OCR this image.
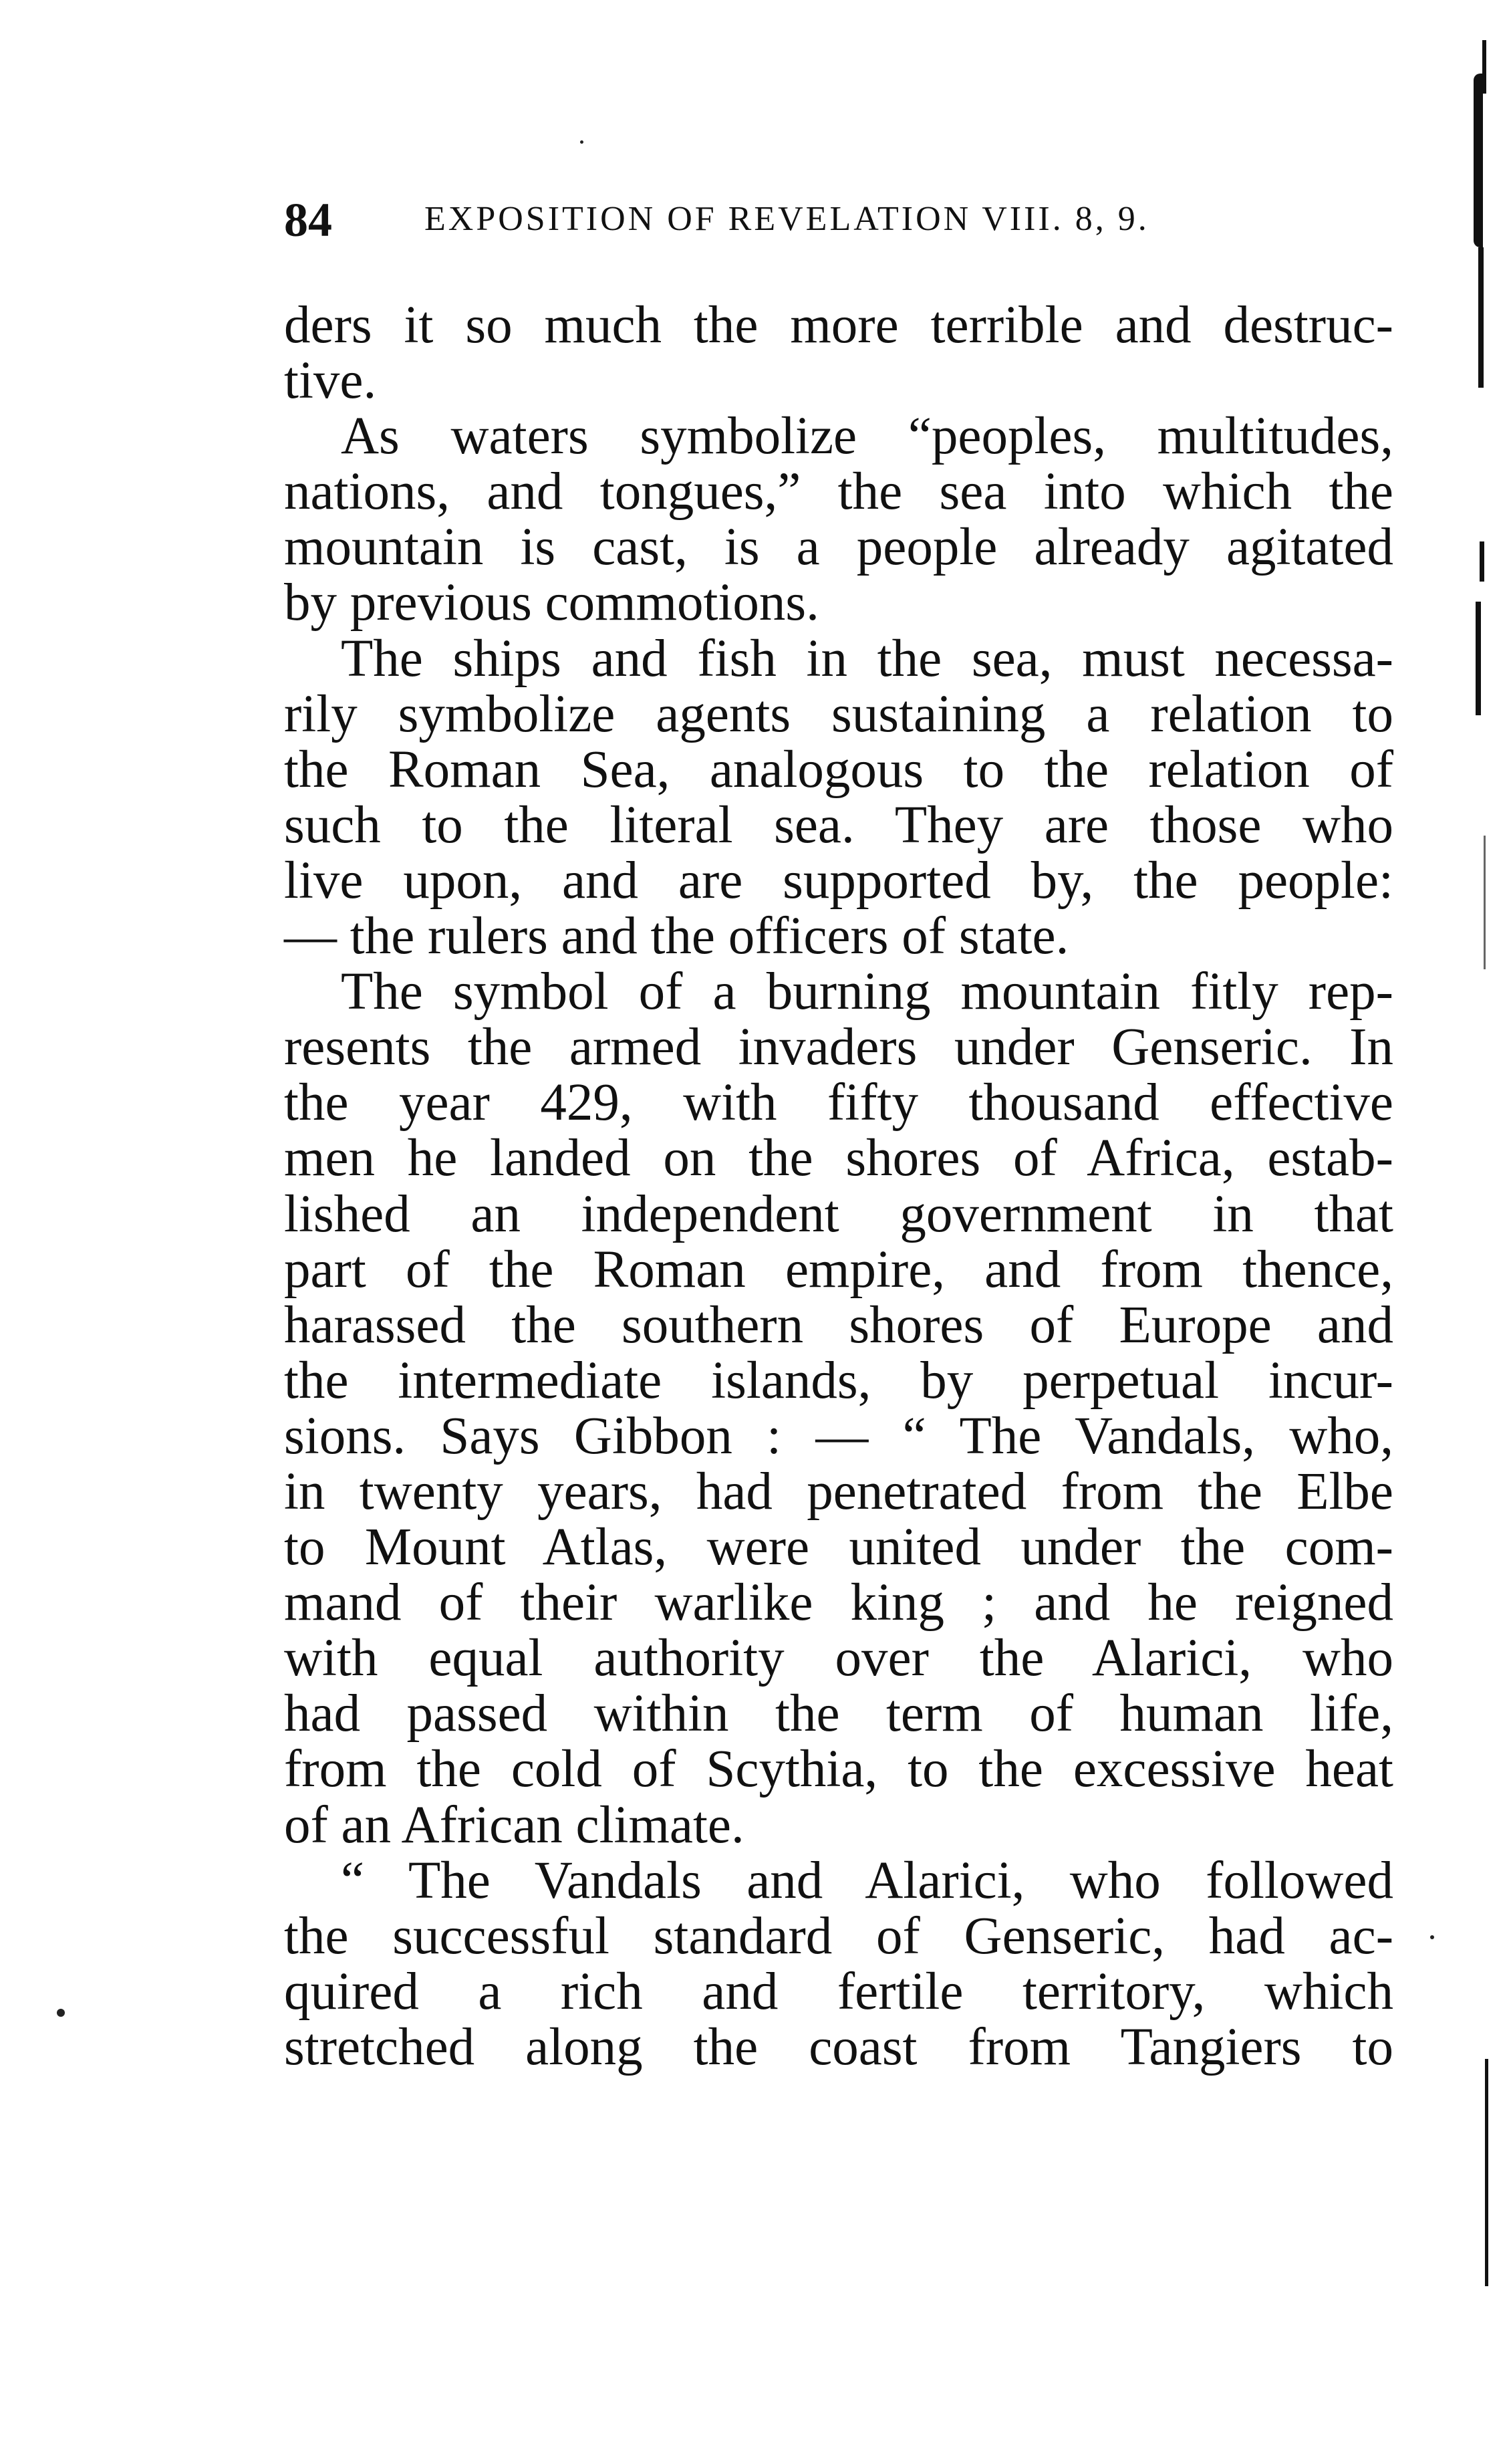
84	EXPOSITION OF REVELATION VIII. 8, 9.
ders it so much the more terrible and destruc-
tive.
As waters symbolize “peoples, multitudes,
nations, and tongues,” the sea into which the
mountain is cast, is a people already agitated
by previous commotions.
The ships and fish in the sea, must necessa-
rily symbolize agents sustaining a relation to
the Roman Sea, analogous to the relation of
such to the literal sea. They are those who
live upon, and are supported by, the people:
— the rulers and the officers of state.
The symbol of a burning mountain fitly rep-
resents the armed invaders under Genseric. In
the year 429, with fifty thousand effective
men he landed on the shores of Africa, estab-
lished an independent government in that
part of the Roman empire, and from thence,
harassed the southern shores of Europe and
the intermediate islands, by perpetual incur-
sions. Says Gibbon : — “ The Vandals, who,
in twenty years, had penetrated from the Elbe
to Mount Atlas, were united under the com-
mand of their warlike king ; and he reigned
with equal authority over the Alarici, who
had passed within the term of human life,
from the cold of Scythia, to the excessive heat
of an African climate.
“ The Vandals and Alarici, who followed
the successful standard of Genseric, had ac-
quired a rich and fertile territory, which
stretched along the coast from Tangiers to
